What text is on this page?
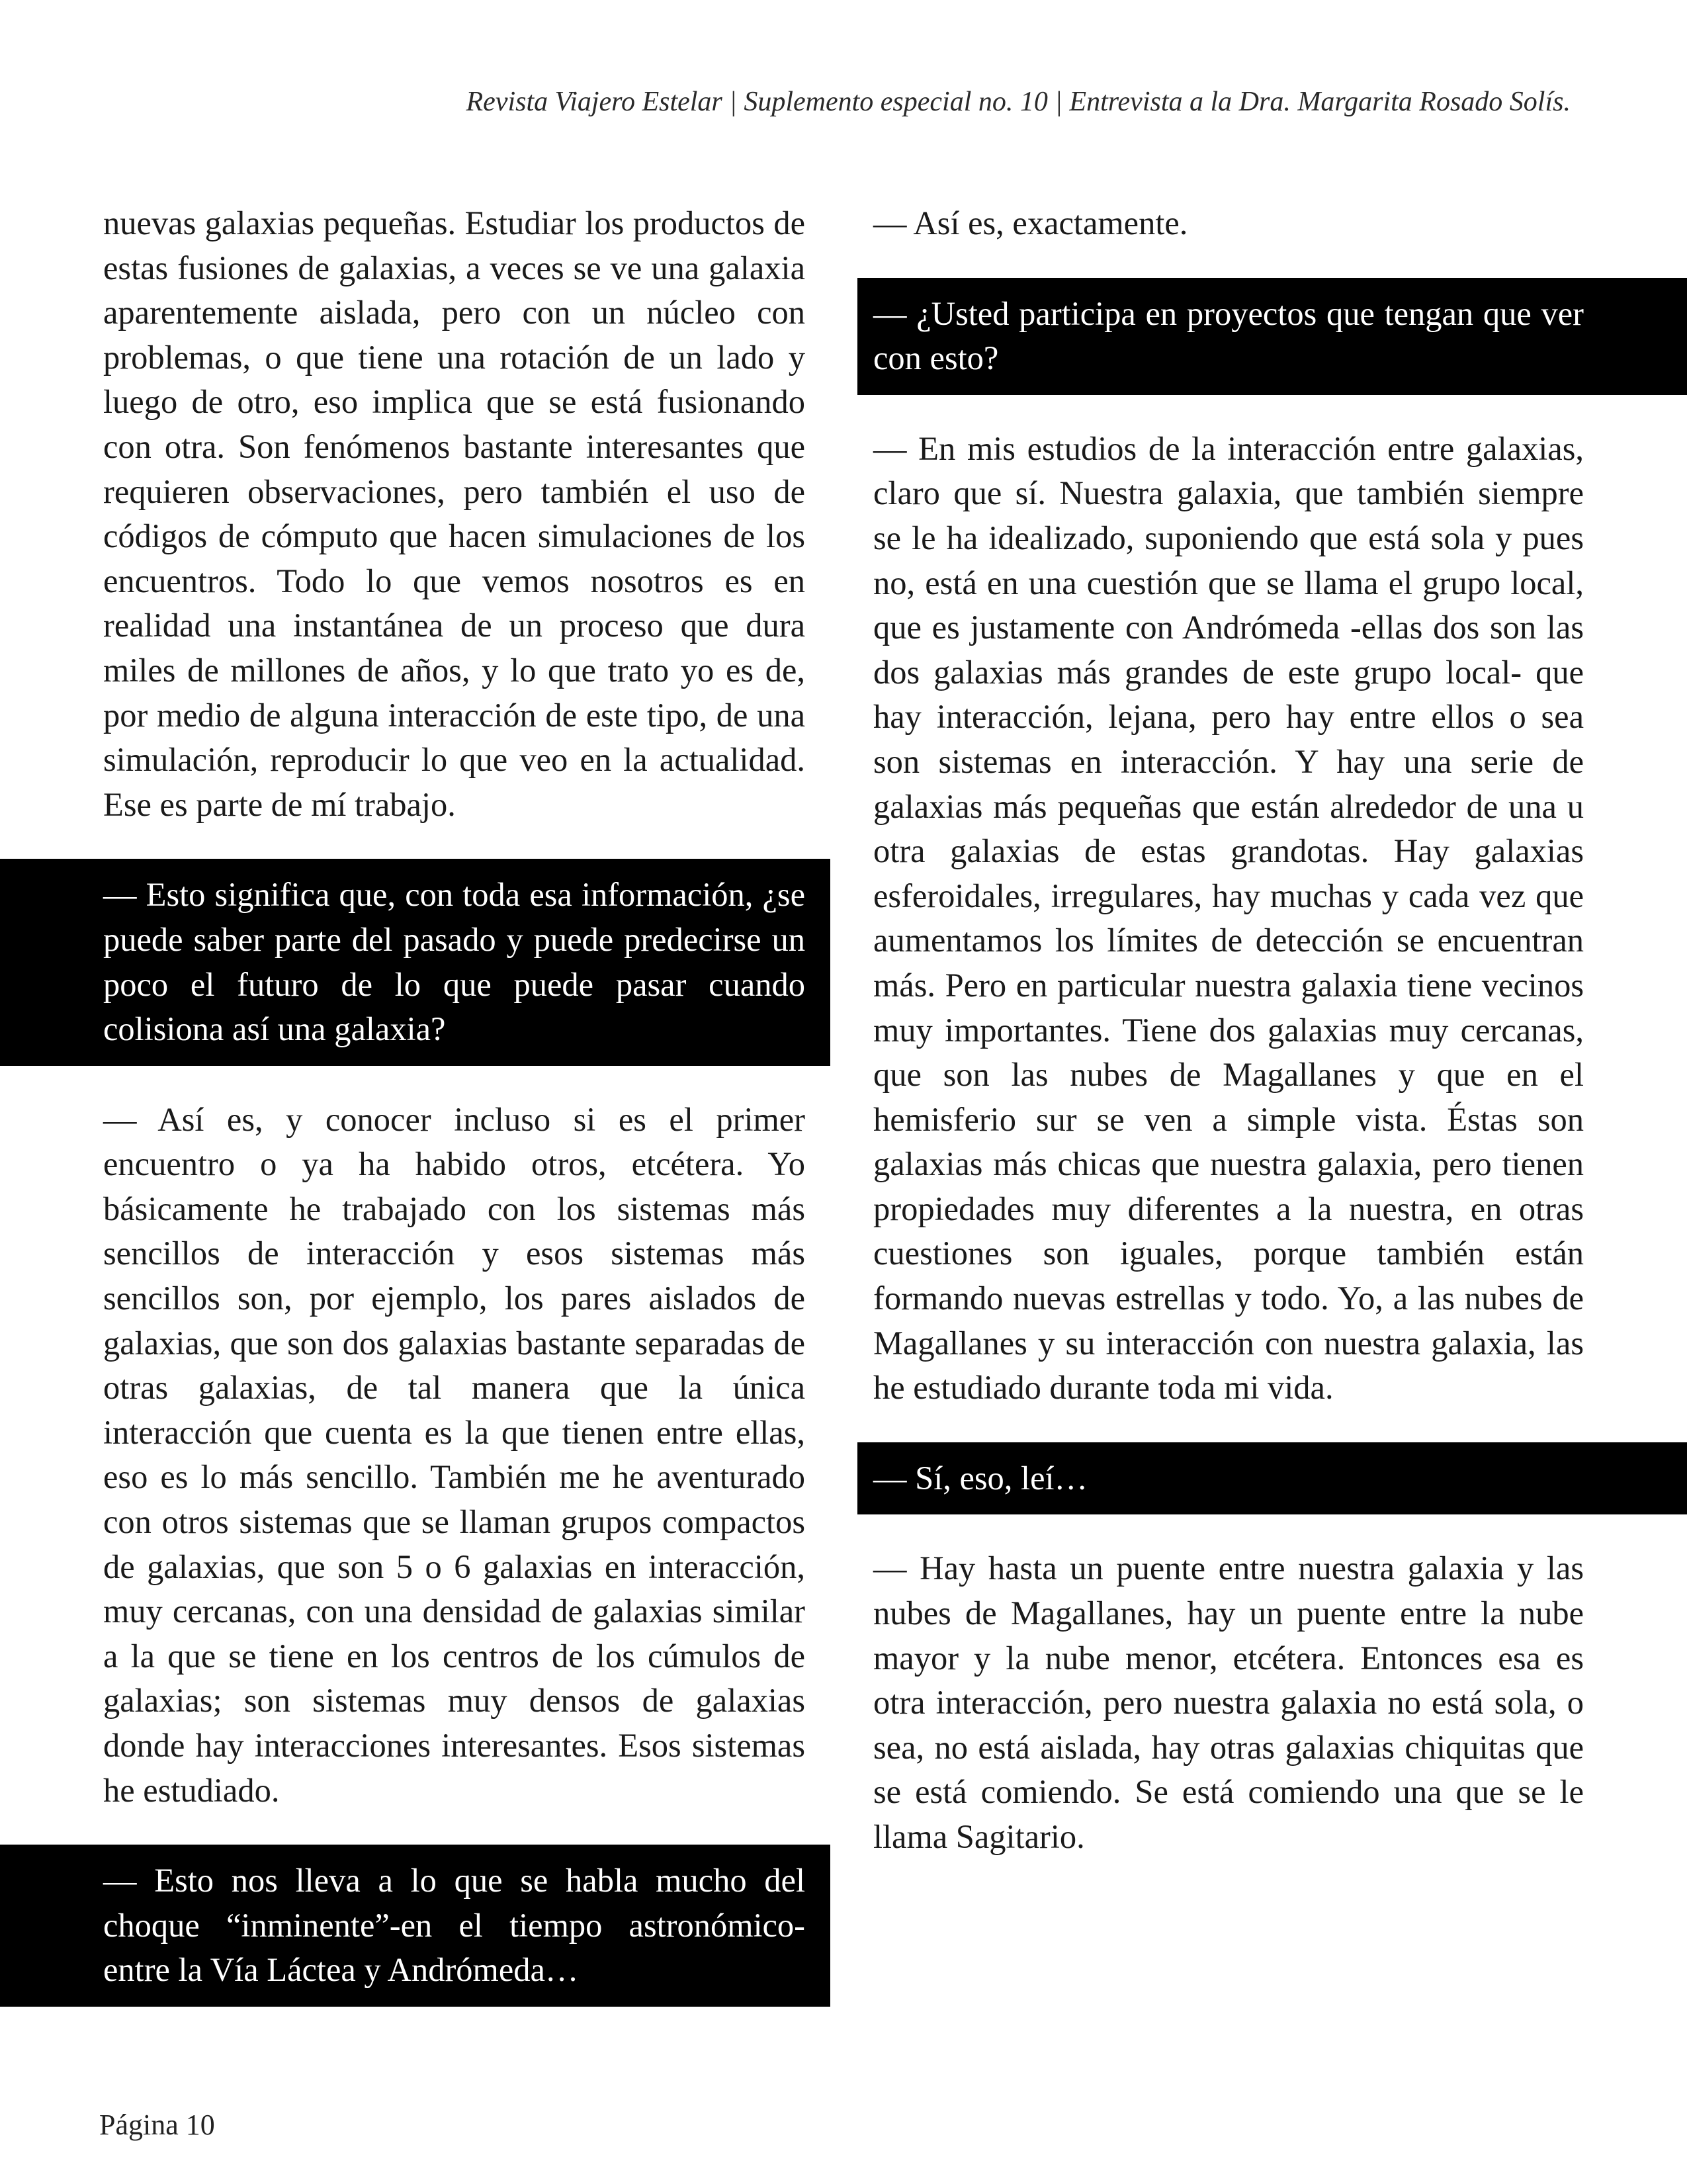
Revista Viajero Estelar | Suplemento especial no. 10 | Entrevista a la Dra. Margarita Rosado Solís.

nuevas galaxias pequeñas. Estudiar los productos de estas fusiones de galaxias, a veces se ve una galaxia aparentemente aislada, pero con un núcleo con problemas, o que tiene una rotación de un lado y luego de otro, eso implica que se está fusionando con otra. Son fenómenos bastante interesantes que requieren observaciones, pero también el uso de códigos de cómputo que hacen simulaciones de los encuentros. Todo lo que vemos nosotros es en realidad una instantánea de un proceso que dura miles de millones de años, y lo que trato yo es de, por medio de alguna interacción de este tipo, de una simulación, reproducir lo que veo en la actualidad. Ese es parte de mí trabajo.

— Esto significa que, con toda esa información, ¿se puede saber parte del pasado y puede predecirse un poco el futuro de lo que puede pasar cuando colisiona así una galaxia?

— Así es, y conocer incluso si es el primer encuentro o ya ha habido otros, etcétera. Yo básicamente he trabajado con los sistemas más sencillos de interacción y esos sistemas más sencillos son, por ejemplo, los pares aislados de galaxias, que son dos galaxias bastante separadas de otras galaxias, de tal manera que la única interacción que cuenta es la que tienen entre ellas, eso es lo más sencillo. También me he aventurado con otros sistemas que se llaman grupos compactos de galaxias, que son 5 o 6 galaxias en interacción, muy cercanas, con una densidad de galaxias similar a la que se tiene en los centros de los cúmulos de galaxias; son sistemas muy densos de galaxias donde hay interacciones interesantes. Esos sistemas he estudiado.

— Esto nos lleva a lo que se habla mucho del choque “inminente”-en el tiempo astronómico- entre la Vía Láctea y Andrómeda…

— Así es, exactamente.

— ¿Usted participa en proyectos que tengan que ver con esto?

— En mis estudios de la interacción entre galaxias, claro que sí. Nuestra galaxia, que también siempre se le ha idealizado, suponiendo que está sola y pues no, está en una cuestión que se llama el grupo local, que es justamente con Andrómeda -ellas dos son las dos galaxias más grandes de este grupo local- que hay interacción, lejana, pero hay entre ellos o sea son sistemas en interacción. Y hay una serie de galaxias más pequeñas que están alrededor de una u otra galaxias de estas grandotas. Hay galaxias esferoidales, irregulares, hay muchas y cada vez que aumentamos los límites de detección se encuentran más. Pero en particular nuestra galaxia tiene vecinos muy importantes. Tiene dos galaxias muy cercanas, que son las nubes de Magallanes y que en el hemisferio sur se ven a simple vista. Éstas son galaxias más chicas que nuestra galaxia, pero tienen propiedades muy diferentes a la nuestra, en otras cuestiones son iguales, porque también están formando nuevas estrellas y todo. Yo, a las nubes de Magallanes y su interacción con nuestra galaxia, las he estudiado durante toda mi vida.

— Sí, eso, leí…

— Hay hasta un puente entre nuestra galaxia y las nubes de Magallanes, hay un puente entre la nube mayor y la nube menor, etcétera. Entonces esa es otra interacción, pero nuestra galaxia no está sola, o sea, no está aislada, hay otras galaxias chiquitas que se está comiendo. Se está comiendo una que se le llama Sagitario.

Página 10
